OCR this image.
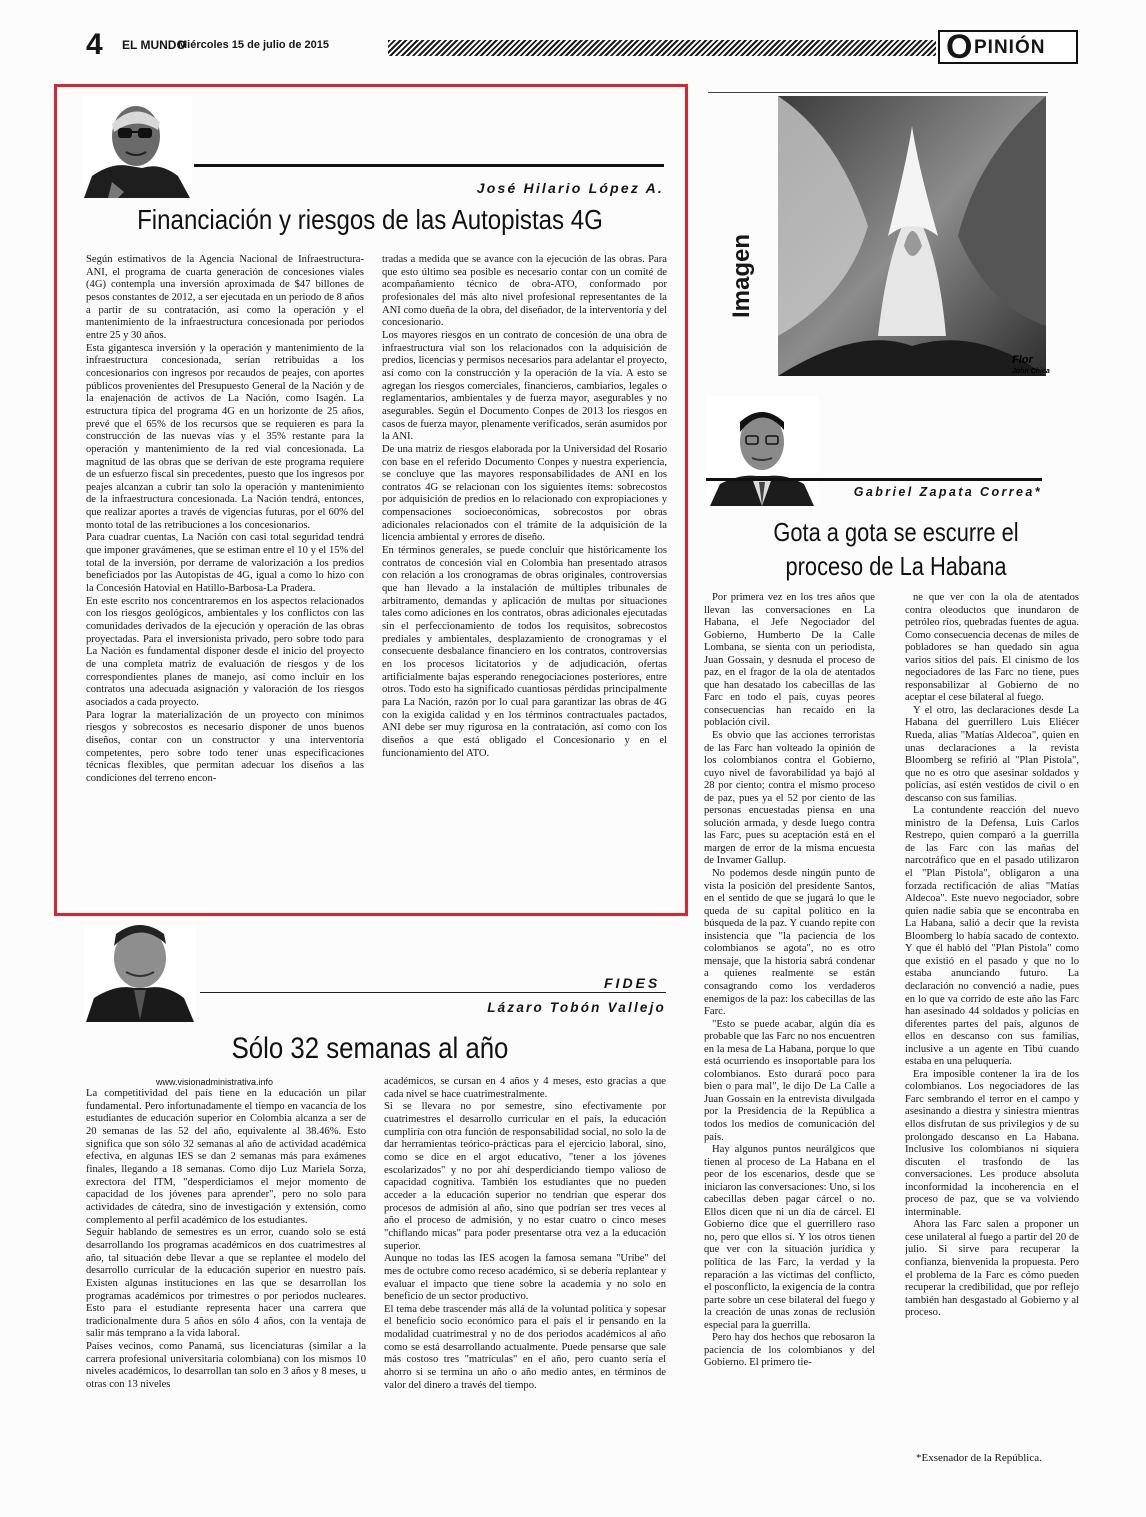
4 EL MUNDO
Miércoles 15 de julio de 2015	O PINIÓN
José Hilario López A.
Financiación y riesgos de las Autopistas 4G

Según estimativos de la Agencia Nacional de Infraestructura-ANI, el programa de cuarta generación de concesiones viales (4G) contempla una inversión aproximada de $47 billones de pesos constantes de 2012, a ser ejecutada en un periodo de 8 años a partir de su contratación, así como la operación y el mantenimiento de la infraestructura concesionada por periodos entre 25 y 30 años.

Esta gigantesca inversión y la operación y mantenimiento de la infraestructura concesionada, serían retribuidas a los concesionarios con ingresos por recaudos de peajes, con aportes públicos provenientes del Presupuesto General de la Nación y de la enajenación de activos de La Nación, como Isagén. La estructura típica del programa 4G en un horizonte de 25 años, prevé que el 65% de los recursos que se requieren es para la construcción de las nuevas vías y el 35% restante para la operación y mantenimiento de la red vial concesionada. La magnitud de las obras que se derivan de este programa requiere de un esfuerzo fiscal sin precedentes, puesto que los ingresos por peajes alcanzan a cubrir tan solo la operación y mantenimiento de la infraestructura concesionada. La Nación tendrá, entonces, que realizar aportes a través de vigencias futuras, por el 60% del monto total de las retribuciones a los concesionarios.

Para cuadrar cuentas, La Nación con casi total seguridad tendrá que imponer gravámenes, que se estiman entre el 10 y el 15% del total de la inversión, por derrame de valorización a los predios beneficiados por las Autopistas de 4G, igual a como lo hizo con la Concesión Hatovial en Hatillo-Barbosa-La Pradera.

En este escrito nos concentraremos en los aspectos relacionados con los riesgos geológicos, ambientales y los conflictos con las comunidades derivados de la ejecución y operación de las obras proyectadas. Para el inversionista privado, pero sobre todo para La Nación es fundamental disponer desde el inicio del proyecto de una completa matriz de evaluación de riesgos y de los correspondientes planes de manejo, así como incluir en los contratos una adecuada asignación y valoración de los riesgos asociados a cada proyecto.

Para lograr la materialización de un proyecto con mínimos riesgos y sobrecostos es necesario disponer de unos buenos diseños, contar con un constructor y una interventoría competentes, pero sobre todo tener unas especificaciones técnicas flexibles, que permitan adecuar los diseños a las condiciones del terreno encon-

tradas a medida que se avance con la ejecución de las obras. Para que esto último sea posible es necesario contar con un comité de acompañamiento técnico de obra-ATO, conformado por profesionales del más alto nivel profesional representantes de la ANI como dueña de la obra, del diseñador, de la interventoría y del concesionario.

Los mayores riesgos en un contrato de concesión de una obra de infraestructura vial son los relacionados con la adquisición de predios, licencias y permisos necesarios para adelantar el proyecto, así como con la construcción y la operación de la vía. A esto se agregan los riesgos comerciales, financieros, cambiarios, legales o reglamentarios, ambientales y de fuerza mayor, asegurables y no asegurables. Según el Documento Conpes de 2013 los riesgos en casos de fuerza mayor, plenamente verificados, serán asumidos por la ANI.

De una matriz de riesgos elaborada por la Universidad del Rosario con base en el referido Documento Conpes y nuestra experiencia, se concluye que las mayores responsabilidades de ANI en los contratos 4G se relacionan con los siguientes ítems: sobrecostos por adquisición de predios en lo relacionado con expropiaciones y compensaciones socioeconómicas, sobrecostos por obras adicionales relacionados con el trámite de la adquisición de la licencia ambiental y errores de diseño.

En términos generales, se puede concluir que históricamente los contratos de concesión vial en Colombia han presentado atrasos con relación a los cronogramas de obras originales, controversias que han llevado a la instalación de múltiples tribunales de arbitramento, demandas y aplicación de multas por situaciones tales como adiciones en los contratos, obras adicionales ejecutadas sin el perfeccionamiento de todos los requisitos, sobrecostos prediales y ambientales, desplazamiento de cronogramas y el consecuente desbalance financiero en los contratos, controversias en los procesos licitatorios y de adjudicación, ofertas artificialmente bajas esperando renegociaciones posteriores, entre otros. Todo esto ha significado cuantiosas pérdidas principalmente para La Nación, razón por lo cual para garantizar las obras de 4G con la exigida calidad y en los términos contractuales pactados, ANI debe ser muy rigurosa en la contratación, así como con los diseños a que está obligado el Concesionario y en el funcionamiento del ATO.

Imagen
Flor
John Chica
Gabriel Zapata Correa*
Gota a gota se escurre el
proceso de La Habana

Por primera vez en los tres años que llevan las conversaciones en La Habana, el Jefe Negociador del Gobierno, Humberto De la Calle Lombana, se sienta con un periodista, Juan Gossain, y desnuda el proceso de paz, en el fragor de la ola de atentados que han desatado los cabecillas de las Farc en todo el país, cuyas peores consecuencias han recaído en la población civil.

Es obvio que las acciones terroristas de las Farc han volteado la opinión de los colombianos contra el Gobierno, cuyo nivel de favorabilidad ya bajó al 28 por ciento; contra el mismo proceso de paz, pues ya el 52 por ciento de las personas encuestadas piensa en una solución armada, y desde luego contra las Farc, pues su aceptación está en el margen de error de la misma encuesta de Invamer Gallup.

No podemos desde ningún punto de vista la posición del presidente Santos, en el sentido de que se jugará lo que le queda de su capital político en la búsqueda de la paz. Y cuando repite con insistencia que "la paciencia de los colombianos se agota", no es otro mensaje, que la historia sabrá condenar a quienes realmente se están consagrando como los verdaderos enemigos de la paz: los cabecillas de las Farc.

"Esto se puede acabar, algún día es probable que las Farc no nos encuentren en la mesa de La Habana, porque lo que está ocurriendo es insoportable para los colombianos. Esto durará poco para bien o para mal", le dijo De La Calle a Juan Gossain en la entrevista divulgada por la Presidencia de la República a todos los medios de comunicación del país.

Hay algunos puntos neurálgicos que tienen al proceso de La Habana en el peor de los escenarios, desde que se iniciaron las conversaciones: Uno, si los cabecillas deben pagar cárcel o no. Ellos dicen que ni un día de cárcel. El Gobierno dice que el guerrillero raso no, pero que ellos sí. Y los otros tienen que ver con la situación jurídica y política de las Farc, la verdad y la reparación a las víctimas del conflicto, el posconflicto, la exigencia de la contra parte sobre un cese bilateral del fuego y la creación de unas zonas de reclusión especial para la guerrilla.

Pero hay dos hechos que rebosaron la paciencia de los colombianos y del Gobierno. El primero tie-

ne que ver con la ola de atentados contra oleoductos que inundaron de petróleo ríos, quebradas fuentes de agua. Como consecuencia decenas de miles de pobladores se han quedado sin agua varios sitios del país. El cinismo de los negociadores de las Farc no tiene, pues responsabilizar al Gobierno de no aceptar el cese bilateral al fuego.

Y el otro, las declaraciones desde La Habana del guerrillero Luis Eliécer Rueda, alias "Matías Aldecoa", quien en unas declaraciones a la revista Bloomberg se refirió al "Plan Pistola", que no es otro que asesinar soldados y policías, así estén vestidos de civil o en descanso con sus familias.

La contundente reacción del nuevo ministro de la Defensa, Luis Carlos Restrepo, quien comparó a la guerrilla de las Farc con las mañas del narcotráfico que en el pasado utilizaron el "Plan Pistola", obligaron a una forzada rectificación de alias "Matías Aldecoa". Este nuevo negociador, sobre quien nadie sabía que se encontraba en La Habana, salió a decir que la revista Bloomberg lo había sacado de contexto. Y que él habló del "Plan Pistola" como que existió en el pasado y que no lo estaba anunciando futuro. La declaración no convenció a nadie, pues en lo que va corrido de este año las Farc han asesinado 44 soldados y policías en diferentes partes del país, algunos de ellos en descanso con sus familias, inclusive a un agente en Tibú cuando estaba en una peluquería.

Era imposible contener la ira de los colombianos. Los negociadores de las Farc sembrando el terror en el campo y asesinando a diestra y siniestra mientras ellos disfrutan de sus privilegios y de su prolongado descanso en La Habana. Inclusive los colombianos ni siquiera discuten el trasfondo de las conversaciones. Les produce absoluta inconformidad la incoherencia en el proceso de paz, que se va volviendo interminable.

Ahora las Farc salen a proponer un cese unilateral al fuego a partir del 20 de julio. Si sirve para recuperar la confianza, bienvenida la propuesta. Pero el problema de la Farc es cómo pueden recuperar la credibilidad, que por reflejo también han desgastado al Gobierno y al proceso.

*Exsenador de la República.
FIDES
Lázaro Tobón Vallejo
Sólo 32 semanas al año
www.visionadministrativa.info

La competitividad del país tiene en la educación un pilar fundamental. Pero infortunadamente el tiempo en vacancia de los estudiantes de educación superior en Colombia alcanza a ser de 20 semanas de las 52 del año, equivalente al 38.46%. Esto significa que son sólo 32 semanas al año de actividad académica efectiva, en algunas IES se dan 2 semanas más para exámenes finales, llegando a 18 semanas. Como dijo Luz Mariela Sorza, exrectora del ITM, "desperdiciamos el mejor momento de capacidad de los jóvenes para aprender", pero no solo para actividades de cátedra, sino de investigación y extensión, como complemento al perfil académico de los estudiantes.

Seguir hablando de semestres es un error, cuando solo se está desarrollando los programas académicos en dos cuatrimestres al año, tal situación debe llevar a que se replantee el modelo del desarrollo curricular de la educación superior en nuestro país. Existen algunas instituciones en las que se desarrollan los programas académicos por trimestres o por periodos nucleares. Esto para el estudiante representa hacer una carrera que tradicionalmente dura 5 años en sólo 4 años, con la ventaja de salir más temprano a la vida laboral.

Países vecinos, como Panamá, sus licenciaturas (similar a la carrera profesional universitaria colombiana) con los mismos 10 niveles académicos, lo desarrollan tan solo en 3 años y 8 meses, u otras con 13 niveles

académicos, se cursan en 4 años y 4 meses, esto gracias a que cada nivel se hace cuatrimestralmente.

Si se llevara no por semestre, sino efectivamente por cuatrimestres el desarrollo curricular en el país, la educación cumpliría con otra función de responsabilidad social, no solo la de dar herramientas teórico-prácticas para el ejercicio laboral, sino, como se dice en el argot educativo, "tener a los jóvenes escolarizados" y no por ahí desperdiciando tiempo valioso de capacidad cognitiva. También los estudiantes que no pueden acceder a la educación superior no tendrían que esperar dos procesos de admisión al año, sino que podrían ser tres veces al año el proceso de admisión, y no estar cuatro o cinco meses "chiflando micas" para poder presentarse otra vez a la educación superior.

Aunque no todas las IES acogen la famosa semana "Uribe" del mes de octubre como receso académico, si se debería replantear y evaluar el impacto que tiene sobre la academia y no solo en beneficio de un sector productivo.

El tema debe trascender más allá de la voluntad política y sopesar el beneficio socio económico para el país el ir pensando en la modalidad cuatrimestral y no de dos periodos académicos al año como se está desarrollando actualmente. Puede pensarse que sale más costoso tres "matrículas" en el año, pero cuanto sería el ahorro si se termina un año o año medio antes, en términos de valor del dinero a través del tiempo.
